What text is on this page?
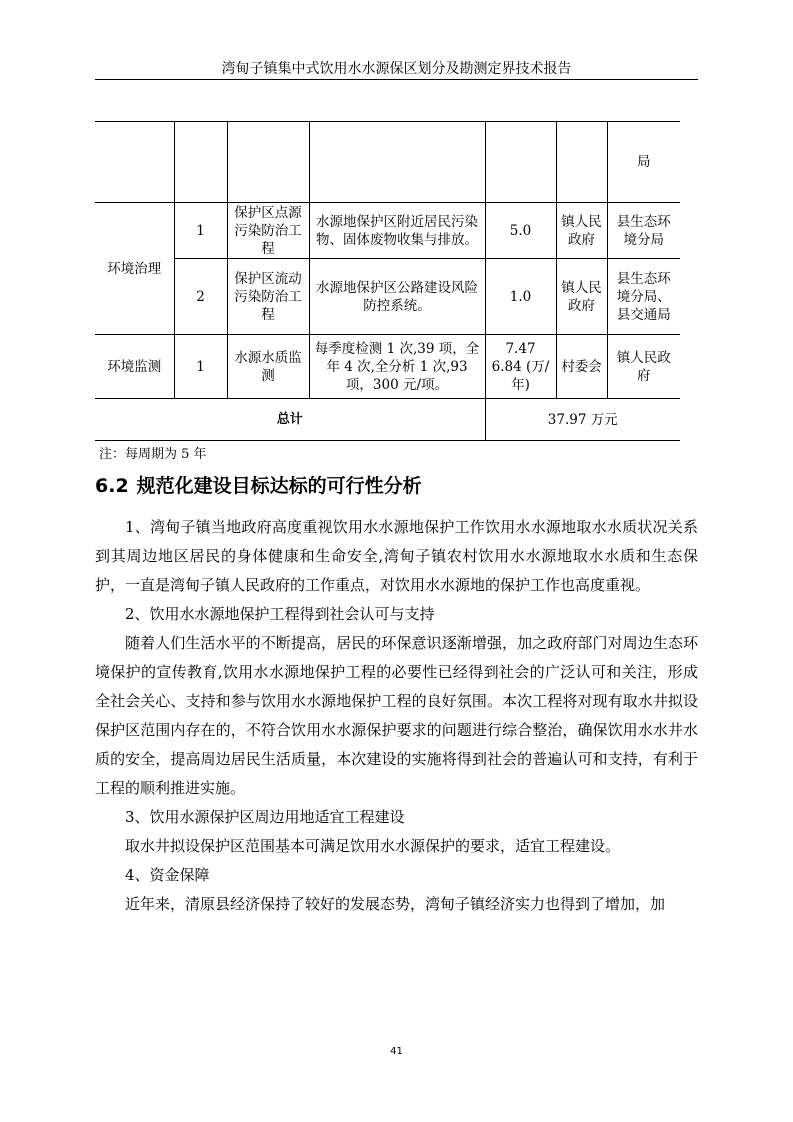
湾甸子镇集中式饮用水水源保区划分及勘测定界技术报告
						局
环境治理	1	保护区点源污染防治工程	水源地保护区附近居民污染物、固体废物收集与排放。	5.0	镇人民政府	县生态环境分局
	2	保护区流动污染防治工程	水源地保护区公路建设风险防控系统。	1.0	镇人民政府	县生态环境分局、县交通局
环境监测	1	水源水质监测	每季度检测 1 次,39 项，全年 4 次,全分析 1 次,93 项，300 元/项。	7.47 6.84 (万/年)	村委会	镇人民政府
总计				37.97 万元		
注：每周期为 5 年
6.2 规范化建设目标达标的可行性分析

1、湾甸子镇当地政府高度重视饮用水水源地保护工作饮用水水源地取水水质状况关系到其周边地区居民的身体健康和生命安全,湾甸子镇农村饮用水水源地取水水质和生态保护，一直是湾甸子镇人民政府的工作重点，对饮用水水源地的保护工作也高度重视。

2、饮用水水源地保护工程得到社会认可与支持

随着人们生活水平的不断提高，居民的环保意识逐渐增强，加之政府部门对周边生态环境保护的宣传教育,饮用水水源地保护工程的必要性已经得到社会的广泛认可和关注，形成全社会关心、支持和参与饮用水水源地保护工程的良好氛围。本次工程将对现有取水井拟设保护区范围内存在的，不符合饮用水水源保护要求的问题进行综合整治，确保饮用水水井水质的安全，提高周边居民生活质量，本次建设的实施将得到社会的普遍认可和支持，有利于工程的顺利推进实施。

3、饮用水源保护区周边用地适宜工程建设

取水井拟设保护区范围基本可满足饮用水水源保护的要求，适宜工程建设。

4、资金保障

近年来，清原县经济保持了较好的发展态势，湾甸子镇经济实力也得到了增加，加

41
